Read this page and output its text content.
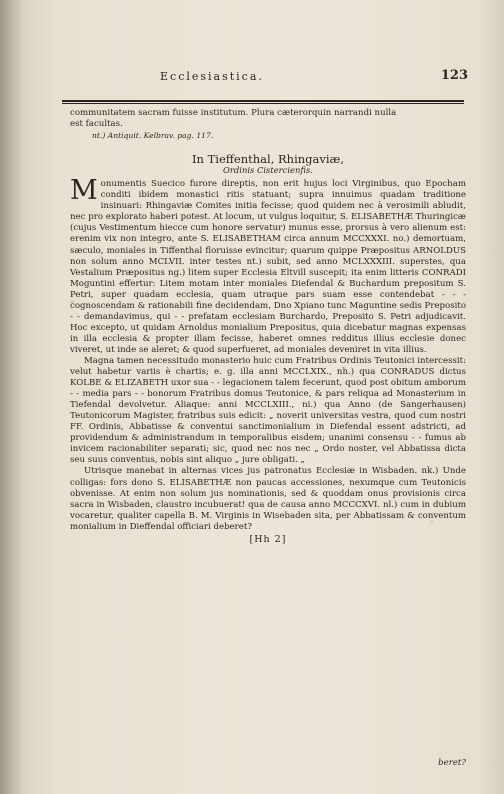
Ecclesiastica.	123

communitatem sacram fuisse institutum. Plura cæterorquin narrandi nulla

est facultas.

nt.) Antiquit. Kelbrav. pag. 117.

In Tieffenthal, Rhingaviæ,
Ordinis Cistercienfis.

Monumentis Suecico furore direptis, non erit hujus loci Virginibus, quo Epocham conditi ibidem monastici ritis statuant; supra innuimus quadam traditione insinuari: Rhingaviæ Comites initia fecisse; quod quidem nec à verosimili abludit, nec pro explorato haberi potest. At locum, ut vulgus loquitur, S. ELISABETHÆ Thuringicæ (cujus Vestimentum hiecce cum honore servatur) munus esse, prorsus à vero alienum est: erenim vix non integro, ante S. ELISABETHAM circa annum MCCXXXI. no.) demortuam, sæculo, moniales in Tiffenthal floruisse evincitur; quarum quippe Præpositus ARNOLDUS non solum anno MCLVII. inter testes nt.) subit, sed anno MCLXXXIII. superstes, qua Vestalium Præpositus ng.) litem super Ecclesia Eltvill suscepit; ita enim litteris CONRADI Moguntini effertur: Litem motam inter moniales Diefendal & Buchardum prepositum S. Petri, super quadam ecclesia, quam utraque pars suam esse contendebat - - - cognoscendam & rationabili fine decidendam, Dno Xpiano tunc Maguntine sedis Preposito - - demandavimus, qui - - prefatam ecclesiam Burchardo, Preposito S. Petri adjudicavit. Hoc excepto, ut quidam Arnoldus monialium Prepositus, quia dicebatur magnas expensas in illa ecclesia & propter illam fecisse, haberet omnes redditus illius ecclesie donec viveret, ut inde se aleret; & quod superfueret, ad moniales deveniret in vita illius.

Magna tamen necessitudo monasterio huic cum Fratribus Ordinis Teutonici intercessit: velut habetur variis è chartis; e. g. illa anni MCCLXIX., nh.) qua CONRADUS dictus KOLBE & ELIZABETH uxor sua - - legacionem talem fecerunt, quod post obitum amborum - - media pars - - bonorum Fratribus domus Teutonice, & pars reliqua ad Monasterium in Tiefendal devolvetur. Aliaque: anni MCCLXIII., ni.) qua Anno (de Sangerhausen) Teutonicorum Magister, fratribus suis edicit: „ noverit universitas vestra, quod cum nostri FF. Ordinis, Abbatisse & conventui sanctimonialium in Diefendal essent adstricti, ad providendum & administrandum in temporalibus eisdem; unanimi consensu - - fumus ab invicem racionabiliter separati; sic, quod nec nos nec „ Ordo noster, vel Abbatissa dicta seu suus conventus, nobis sint aliquo „ jure obligati. „

Utrisque manebat in alternas vices jus patronatus Ecclesiæ in Wisbaden. nk.) Unde colligas: fors dono S. ELISABETHÆ non paucas accessiones, nexumque cum Teutonicis obvenisse. At enim non solum jus nominationis, sed & quoddam onus provisionis circa sacra in Wisbaden, claustro incubuerat! qua de causa anno MCCCXVI. nl.) cum in dubium vocaretur, qualiter capella B. M. Virginis in Wisebaden sita, per Abbatissam & conventum monialium in Dieffendal officiari deberet?

[Hh 2]
beret?
